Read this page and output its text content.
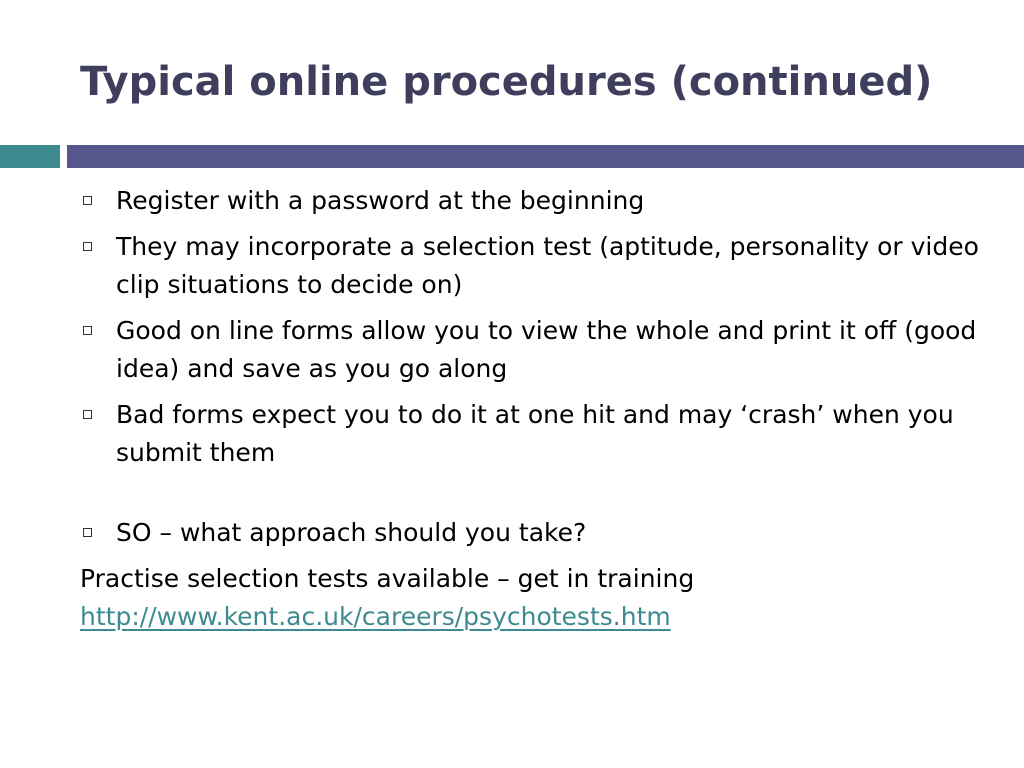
Typical online procedures (continued)
Register with a password at the beginning
They may incorporate a selection test (aptitude, personality or video clip situations to decide on)
Good on line forms allow you to view the whole and print it off (good idea) and save as you go along
Bad forms expect you to do it at one hit and may ‘crash’ when you submit them
SO – what approach should you take?

Practise selection tests available – get in training

http://www.kent.ac.uk/careers/psychotests.htm
